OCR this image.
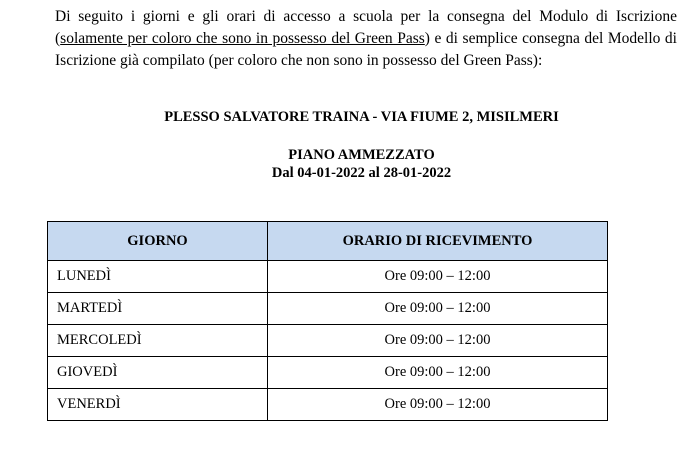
Di seguito i giorni e gli orari di accesso a scuola per la consegna del Modulo di Iscrizione (solamente per coloro che sono in possesso del Green Pass) e di semplice consegna del Modello di Iscrizione già compilato (per coloro che non sono in possesso del Green Pass):

PLESSO SALVATORE TRAINA - VIA FIUME 2, MISILMERI

PIANO AMMEZZATO

Dal 04-01-2022 al 28-01-2022

GIORNO	ORARIO DI RICEVIMENTO
LUNEDÌ	Ore 09:00 – 12:00
MARTEDÌ	Ore 09:00 – 12:00
MERCOLEDÌ	Ore 09:00 – 12:00
GIOVEDÌ	Ore 09:00 – 12:00
VENERDÌ	Ore 09:00 – 12:00
